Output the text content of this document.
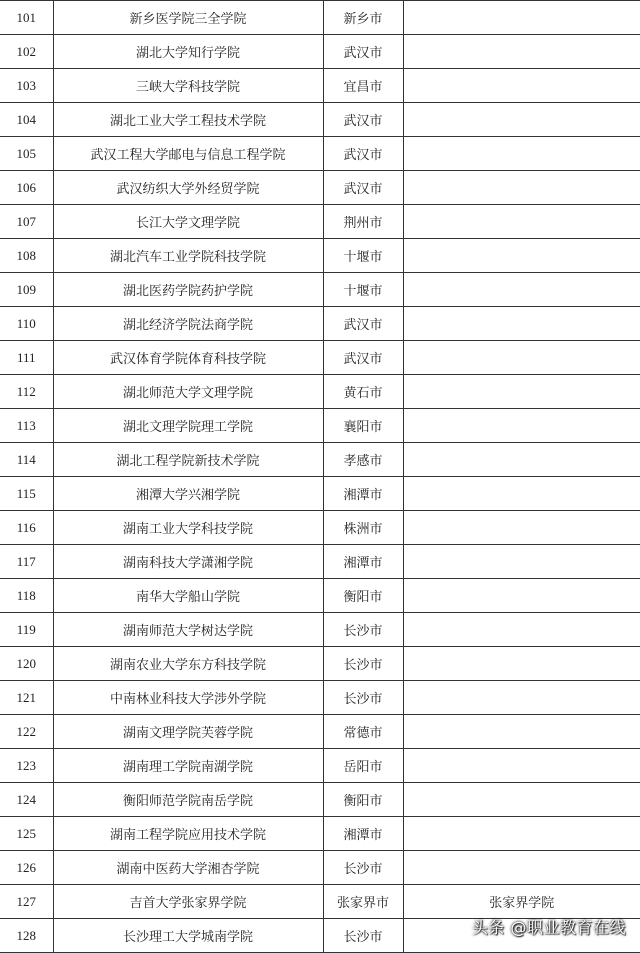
101	新乡医学院三全学院	新乡市	
102	湖北大学知行学院	武汉市	
103	三峡大学科技学院	宜昌市	
104	湖北工业大学工程技术学院	武汉市	
105	武汉工程大学邮电与信息工程学院	武汉市	
106	武汉纺织大学外经贸学院	武汉市	
107	长江大学文理学院	荆州市	
108	湖北汽车工业学院科技学院	十堰市	
109	湖北医药学院药护学院	十堰市	
110	湖北经济学院法商学院	武汉市	
111	武汉体育学院体育科技学院	武汉市	
112	湖北师范大学文理学院	黄石市	
113	湖北文理学院理工学院	襄阳市	
114	湖北工程学院新技术学院	孝感市	
115	湘潭大学兴湘学院	湘潭市	
116	湖南工业大学科技学院	株洲市	
117	湖南科技大学潇湘学院	湘潭市	
118	南华大学船山学院	衡阳市	
119	湖南师范大学树达学院	长沙市	
120	湖南农业大学东方科技学院	长沙市	
121	中南林业科技大学涉外学院	长沙市	
122	湖南文理学院芙蓉学院	常德市	
123	湖南理工学院南湖学院	岳阳市	
124	衡阳师范学院南岳学院	衡阳市	
125	湖南工程学院应用技术学院	湘潭市	
126	湖南中医药大学湘杏学院	长沙市	
127	吉首大学张家界学院	张家界市	张家界学院
128	长沙理工大学城南学院	长沙市	
头条 @职业教育在线
